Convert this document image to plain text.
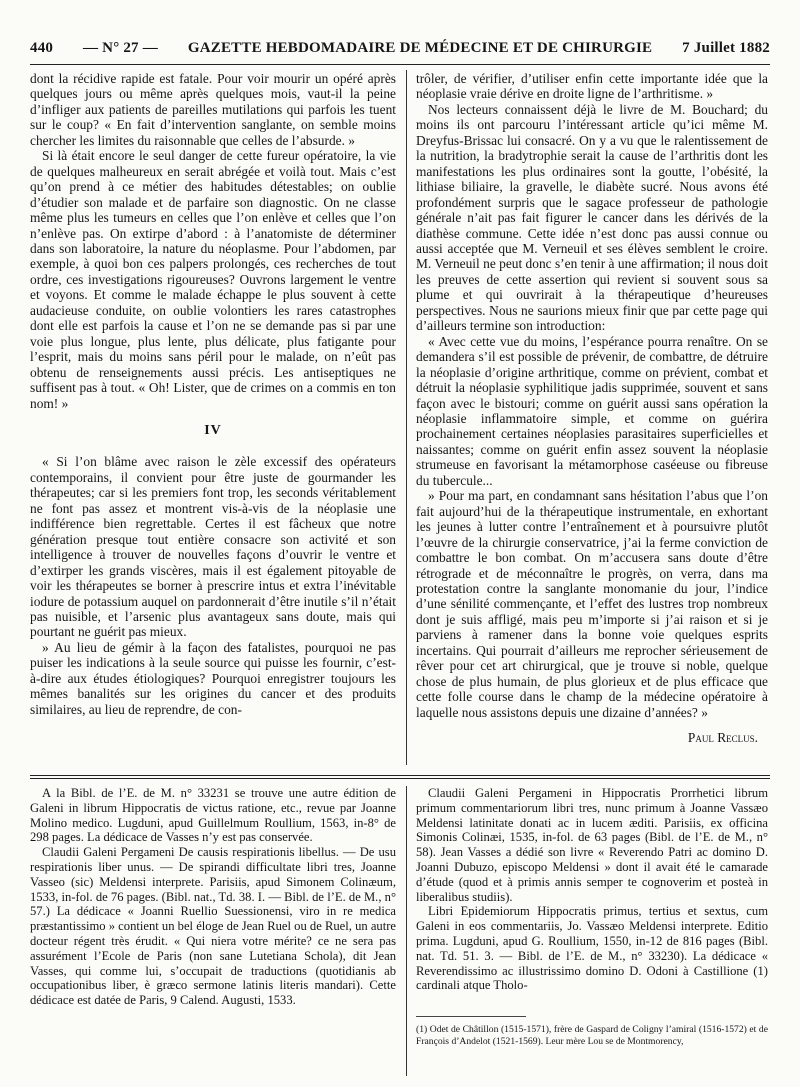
440 — N° 27 — GAZETTE HEBDOMADAIRE DE MÉDECINE ET DE CHIRURGIE 7 Juillet 1882

dont la récidive rapide est fatale. Pour voir mourir un opéré après quelques jours ou même après quelques mois, vaut-il la peine d’infliger aux patients de pareilles mutilations qui parfois les tuent sur le coup? « En fait d’intervention sanglante, on semble moins chercher les limites du raisonnable que celles de l’absurde. »

Si là était encore le seul danger de cette fureur opératoire, la vie de quelques malheureux en serait abrégée et voilà tout. Mais c’est qu’on prend à ce métier des habitudes détestables; on oublie d’étudier son malade et de parfaire son diagnostic. On ne classe même plus les tumeurs en celles que l’on enlève et celles que l’on n’enlève pas. On extirpe d’abord : à l’anatomiste de déterminer dans son laboratoire, la nature du néoplasme. Pour l’abdomen, par exemple, à quoi bon ces palpers prolongés, ces recherches de tout ordre, ces investigations rigoureuses? Ouvrons largement le ventre et voyons. Et comme le malade échappe le plus souvent à cette audacieuse conduite, on oublie volontiers les rares catastrophes dont elle est parfois la cause et l’on ne se demande pas si par une voie plus longue, plus lente, plus délicate, plus fatigante pour l’esprit, mais du moins sans péril pour le malade, on n’eût pas obtenu de renseignements aussi précis. Les antiseptiques ne suffisent pas à tout. « Oh! Lister, que de crimes on a commis en ton nom! »

IV

« Si l’on blâme avec raison le zèle excessif des opérateurs contemporains, il convient pour être juste de gourmander les thérapeutes; car si les premiers font trop, les seconds véritablement ne font pas assez et montrent vis-à-vis de la néoplasie une indifférence bien regrettable. Certes il est fâcheux que notre génération presque tout entière consacre son activité et son intelligence à trouver de nouvelles façons d’ouvrir le ventre et d’extirper les grands viscères, mais il est également pitoyable de voir les thérapeutes se borner à prescrire intus et extra l’inévitable iodure de potassium auquel on pardonnerait d’être inutile s’il n’était pas nuisible, et l’arsenic plus avantageux sans doute, mais qui pourtant ne guérit pas mieux.

» Au lieu de gémir à la façon des fatalistes, pourquoi ne pas puiser les indications à la seule source qui puisse les fournir, c’est-à-dire aux études étiologiques? Pourquoi enregistrer toujours les mêmes banalités sur les origines du cancer et des produits similaires, au lieu de reprendre, de con-

trôler, de vérifier, d’utiliser enfin cette importante idée que la néoplasie vraie dérive en droite ligne de l’arthritisme. »

Nos lecteurs connaissent déjà le livre de M. Bouchard; du moins ils ont parcouru l’intéressant article qu’ici même M. Dreyfus-Brissac lui consacré. On y a vu que le ralentissement de la nutrition, la bradytrophie serait la cause de l’arthritis dont les manifestations les plus ordinaires sont la goutte, l’obésité, la lithiase biliaire, la gravelle, le diabète sucré. Nous avons été profondément surpris que le sagace professeur de pathologie générale n’ait pas fait figurer le cancer dans les dérivés de la diathèse commune. Cette idée n’est donc pas aussi connue ou aussi acceptée que M. Verneuil et ses élèves semblent le croire. M. Verneuil ne peut donc s’en tenir à une affirmation; il nous doit les preuves de cette assertion qui revient si souvent sous sa plume et qui ouvrirait à la thérapeutique d’heureuses perspectives. Nous ne saurions mieux finir que par cette page qui d’ailleurs termine son introduction:

« Avec cette vue du moins, l’espérance pourra renaître. On se demandera s’il est possible de prévenir, de combattre, de détruire la néoplasie d’origine arthritique, comme on prévient, combat et détruit la néoplasie syphilitique jadis supprimée, souvent et sans façon avec le bistouri; comme on guérit aussi sans opération la néoplasie inflammatoire simple, et comme on guérira prochainement certaines néoplasies parasitaires superficielles et naissantes; comme on guérit enfin assez souvent la néoplasie strumeuse en favorisant la métamorphose caséeuse ou fibreuse du tubercule...

» Pour ma part, en condamnant sans hésitation l’abus que l’on fait aujourd’hui de la thérapeutique instrumentale, en exhortant les jeunes à lutter contre l’entraînement et à poursuivre plutôt l’œuvre de la chirurgie conservatrice, j’ai la ferme conviction de combattre le bon combat. On m’accusera sans doute d’être rétrograde et de méconnaître le progrès, on verra, dans ma protestation contre la sanglante monomanie du jour, l’indice d’une sénilité commençante, et l’effet des lustres trop nombreux dont je suis affligé, mais peu m’importe si j’ai raison et si je parviens à ramener dans la bonne voie quelques esprits incertains. Qui pourrait d’ailleurs me reprocher sérieusement de rêver pour cet art chirurgical, que je trouve si noble, quelque chose de plus humain, de plus glorieux et de plus efficace que cette folle course dans le champ de la médecine opératoire à laquelle nous assistons depuis une dizaine d’années? »

Paul Reclus.

A la Bibl. de l’E. de M. n° 33231 se trouve une autre édition de Galeni in librum Hippocratis de victus ratione, etc., revue par Joanne Molino medico. Lugduni, apud Guillelmum Roullium, 1563, in-8° de 298 pages. La dédicace de Vasses n’y est pas conservée.

Claudii Galeni Pergameni De causis respirationis libellus. — De usu respirationis liber unus. — De spirandi difficultate libri tres, Joanne Vasseo (sic) Meldensi interprete. Parisiis, apud Simonem Colinæum, 1533, in-fol. de 76 pages. (Bibl. nat., Td. 38. I. — Bibl. de l’E. de M., n° 57.) La dédicace « Joanni Ruellio Suessionensi, viro in re medica præstantissimo » contient un bel éloge de Jean Ruel ou de Ruel, un autre docteur régent très érudit. « Qui niera votre mérite? ce ne sera pas assurément l’Ecole de Paris (non sane Lutetiana Schola), dit Jean Vasses, qui comme lui, s’occupait de traductions (quotidianis ab occupationibus liber, è græco sermone latinis literis mandari). Cette dédicace est datée de Paris, 9 Calend. Augusti, 1533.

Claudii Galeni Pergameni in Hippocratis Prorrhetici librum primum commentariorum libri tres, nunc primum à Joanne Vassæo Meldensi latinitate donati ac in lucem æditi. Parisiis, ex officina Simonis Colinæi, 1535, in-fol. de 63 pages (Bibl. de l’E. de M., n° 58). Jean Vasses a dédié son livre « Reverendo Patri ac domino D. Joanni Dubuzo, episcopo Meldensi » dont il avait été le camarade d’étude (quod et à primis annis semper te cognoverim et posteà in liberalibus studiis).

Libri Epidemiorum Hippocratis primus, tertius et sextus, cum Galeni in eos commentariis, Jo. Vassæo Meldensi interprete. Editio prima. Lugduni, apud G. Roullium, 1550, in-12 de 816 pages (Bibl. nat. Td. 51. 3. — Bibl. de l’E. de M., n° 33230). La dédicace « Reverendissimo ac illustrissimo domino D. Odoni à Castillione (1) cardinali atque Tholo-

(1) Odet de Châtillon (1515-1571), frère de Gaspard de Coligny l’amiral (1516-1572) et de François d’Andelot (1521-1569). Leur mère Lou se de Montmorency,
